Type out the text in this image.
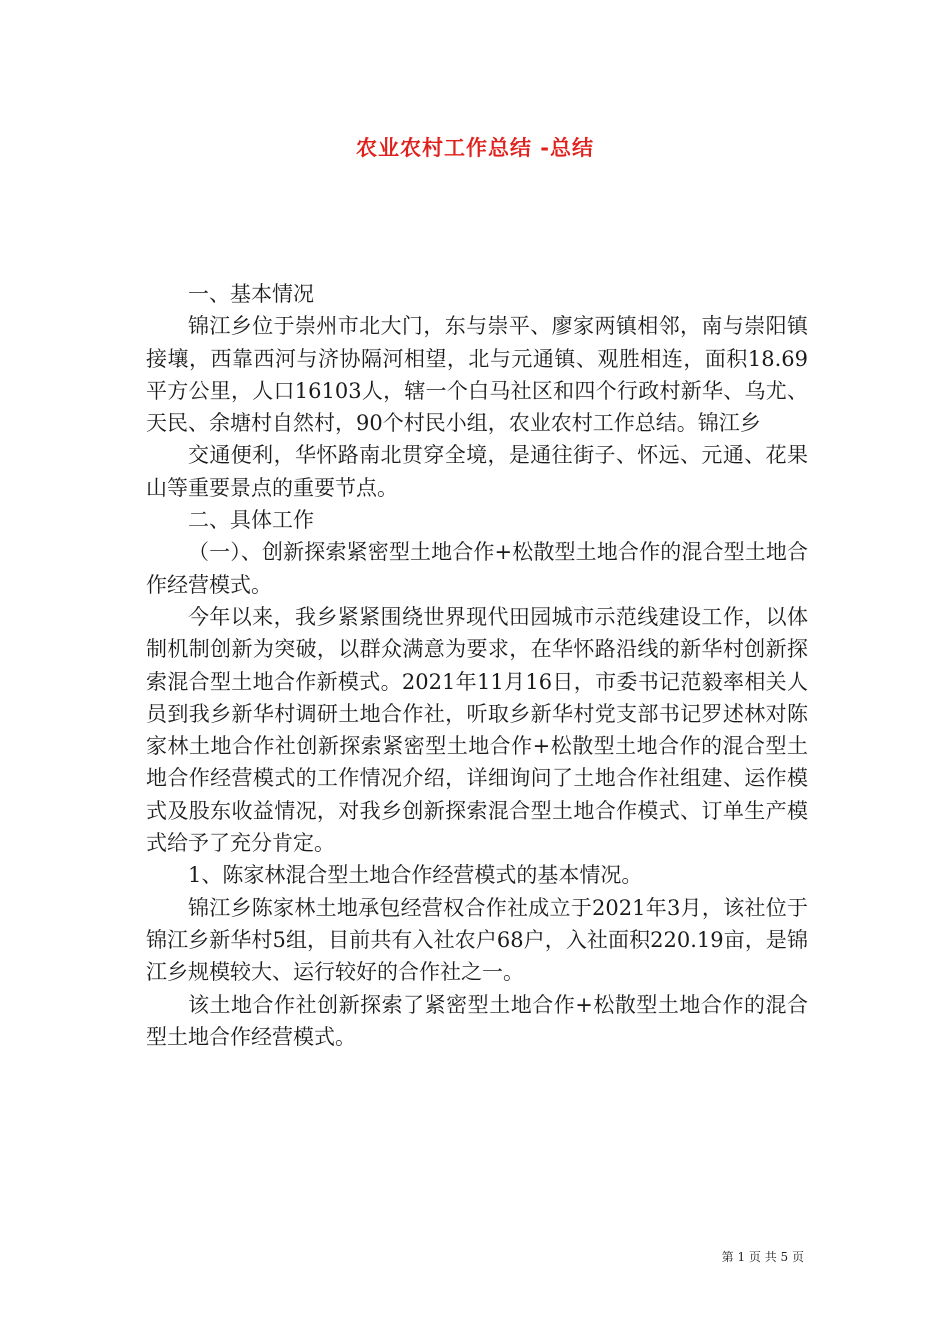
农业农村工作总结 -总结

一、基本情况

锦江乡位于崇州市北大门，东与崇平、廖家两镇相邻，南与崇阳镇接壤，西靠西河与济协隔河相望，北与元通镇、观胜相连，面积18.69平方公里，人口16103人，辖一个白马社区和四个行政村新华、乌尤、天民、余塘村自然村，90个村民小组，农业农村工作总结。锦江乡

交通便利，华怀路南北贯穿全境，是通往街子、怀远、元通、花果山等重要景点的重要节点。

二、具体工作

（一）、创新探索紧密型土地合作+松散型土地合作的混合型土地合作经营模式。

今年以来，我乡紧紧围绕世界现代田园城市示范线建设工作，以体制机制创新为突破，以群众满意为要求，在华怀路沿线的新华村创新探索混合型土地合作新模式。2021年11月16日，市委书记范毅率相关人员到我乡新华村调研土地合作社，听取乡新华村党支部书记罗述林对陈家林土地合作社创新探索紧密型土地合作+松散型土地合作的混合型土地合作经营模式的工作情况介绍，详细询问了土地合作社组建、运作模式及股东收益情况，对我乡创新探索混合型土地合作模式、订单生产模式给予了充分肯定。

1、陈家林混合型土地合作经营模式的基本情况。

锦江乡陈家林土地承包经营权合作社成立于2021年3月，该社位于锦江乡新华村5组，目前共有入社农户68户，入社面积220.19亩，是锦江乡规模较大、运行较好的合作社之一。

该土地合作社创新探索了紧密型土地合作+松散型土地合作的混合型土地合作经营模式。

第 1 页 共 5 页
